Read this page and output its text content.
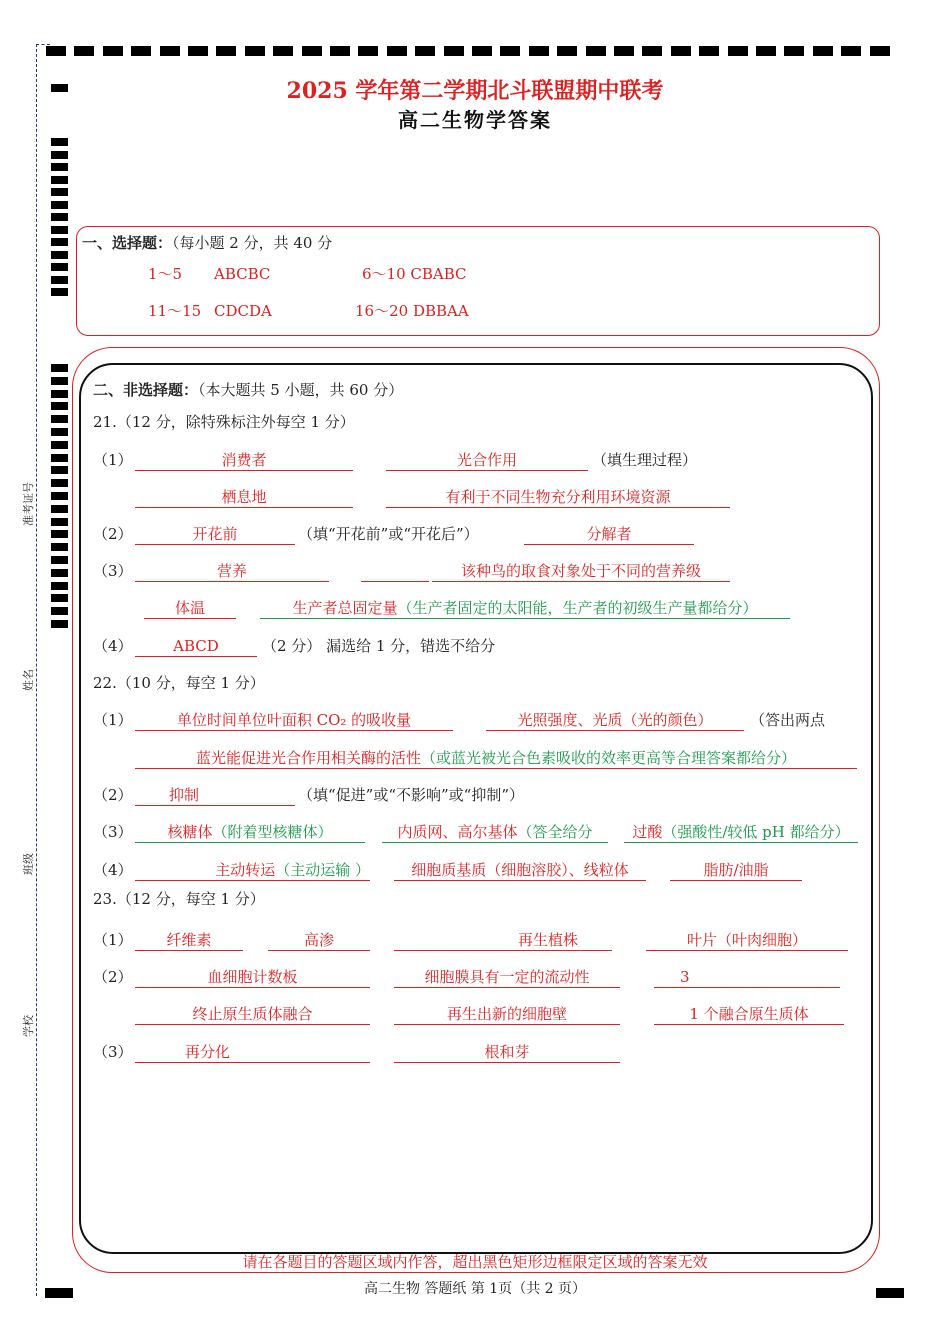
准考证号
姓名
班级
学校
2025 学年第二学期北斗联盟期中联考
高二生物学答案
一、选择题：（每小题 2 分，共 40 分
1～5 ABCBC	6～10 CBABC
11～15 CDCDA	16～20 DBBAA
二、非选择题：（本大题共 5 小题，共 60 分）
21.（12 分，除特殊标注外每空 1 分）
（1）	消费者	光合作用	（填生理过程）
栖息地	有利于不同生物充分利用环境资源
（2）	开花前	（填“开花前”或“开花后”）	分解者
（3）	营养	该种鸟的取食对象处于不同的营养级
体温	生产者总固定量（生产者固定的太阳能，生产者的初级生产量都给分）
（4）	ABCD	（2 分） 漏选给 1 分，错选不给分
22.（10 分，每空 1 分）
（1）	单位时间单位叶面积 CO₂ 的吸收量	光照强度、光质（光的颜色）	（答出两点
蓝光能促进光合作用相关酶的活性（或蓝光被光合色素吸收的效率更高等合理答案都给分）
（2）	抑制	（填“促进”或“不影响”或“抑制”）
（3）	核糖体（附着型核糖体）	内质网、高尔基体（答全给分	过酸（强酸性/较低 pH 都给分）
（4）	主动转运（主动运输 ）	细胞质基质（细胞溶胶）、线粒体	脂肪/油脂
23.（12 分，每空 1 分）
（1）	纤维素	高渗	再生植株	叶片（叶肉细胞）
（2）	血细胞计数板	细胞膜具有一定的流动性	3
终止原生质体融合	再生出新的细胞壁	1 个融合原生质体
（3）	再分化	根和芽
请在各题目的答题区域内作答，超出黑色矩形边框限定区域的答案无效
高二生物 答题纸 第 1页（共 2 页）
